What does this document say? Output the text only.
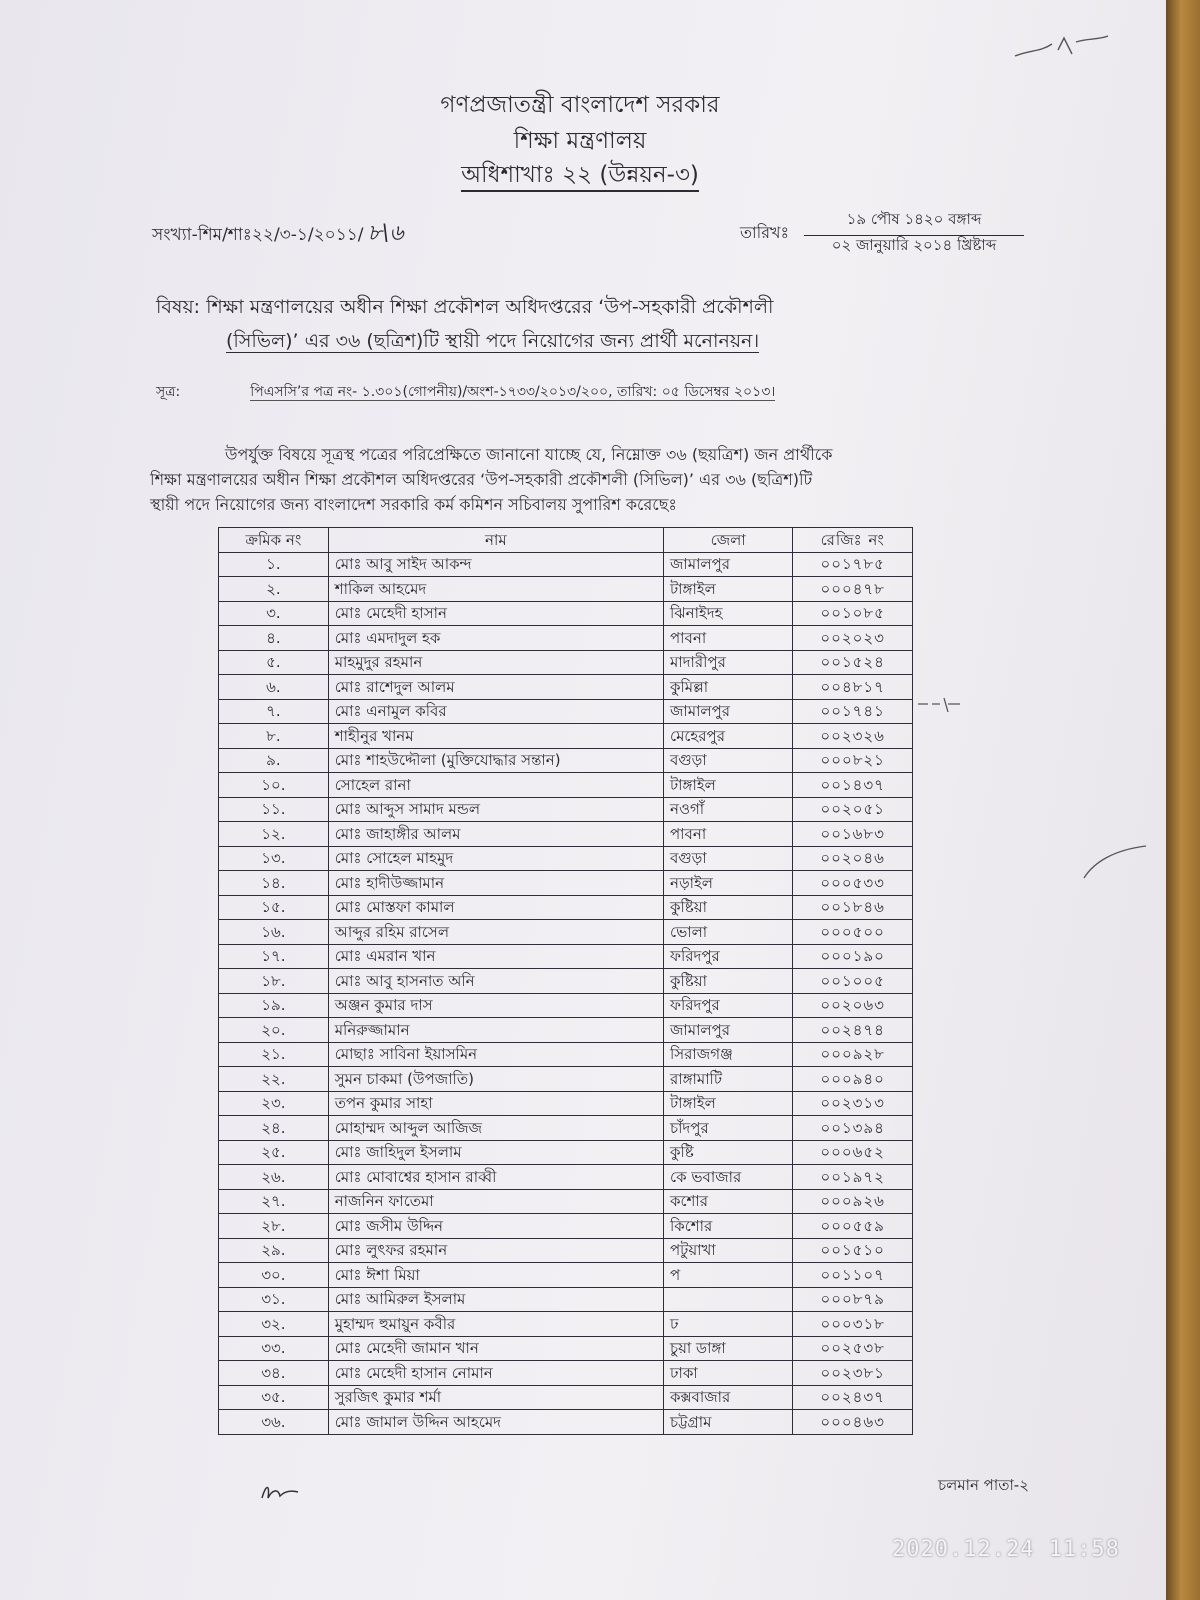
গণপ্রজাতন্ত্রী বাংলাদেশ সরকার
শিক্ষা মন্ত্রণালয়
অধিশাখাঃ ২২ (উন্নয়ন-৩)
সংখ্যা-শিম/শাঃ২২/৩-১/২০১১/ ৮\৬	তারিখঃ
১৯ পৌষ ১৪২০ বঙ্গাব্দ
০২ জানুয়ারি ২০১৪ খ্রিষ্টাব্দ
বিষয়: শিক্ষা মন্ত্রণালয়ের অধীন শিক্ষা প্রকৌশল অধিদপ্তরের ‘উপ-সহকারী প্রকৌশলী
(সিভিল)’ এর ৩৬ (ছত্রিশ)টি স্থায়ী পদে নিয়োগের জন্য প্রার্থী মনোনয়ন।
সূত্র:	পিএসসি’র পত্র নং- ১.৩০১(গোপনীয়)/অংশ-১৭৩৩/২০১৩/২০০, তারিখ: ০৫ ডিসেম্বর ২০১৩।
উপর্যুক্ত বিষয়ে সূত্রস্থ পত্রের পরিপ্রেক্ষিতে জানানো যাচ্ছে যে, নিম্নোক্ত ৩৬ (ছয়ত্রিশ) জন প্রার্থীকে
শিক্ষা মন্ত্রণালয়ের অধীন শিক্ষা প্রকৌশল অধিদপ্তরের ‘উপ-সহকারী প্রকৌশলী (সিভিল)’ এর ৩৬ (ছত্রিশ)টি
স্থায়ী পদে নিয়োগের জন্য বাংলাদেশ সরকারি কর্ম কমিশন সচিবালয় সুপারিশ করেছেঃ
ক্রমিক নং	নাম	জেলা	রেজিঃ নং
১.	মোঃ আবু সাইদ আকন্দ	জামালপুর	০০১৭৮৫
২.	শাকিল আহমেদ	টাঙ্গাইল	০০০৪৭৮
৩.	মোঃ মেহেদী হাসান	ঝিনাইদহ	০০১০৮৫
৪.	মোঃ এমদাদুল হক	পাবনা	০০২০২৩
৫.	মাহমুদুর রহমান	মাদারীপুর	০০১৫২৪
৬.	মোঃ রাশেদুল আলম	কুমিল্লা	০০৪৮১৭
৭.	মোঃ এনামুল কবির	জামালপুর	০০১৭৪১
৮.	শাহীনুর খানম	মেহেরপুর	০০২৩২৬
৯.	মোঃ শাহউদ্দৌলা (মুক্তিযোদ্ধার সন্তান)	বগুড়া	০০০৮২১
১০.	সোহেল রানা	টাঙ্গাইল	০০১৪৩৭
১১.	মোঃ আব্দুস সামাদ মন্ডল	নওগাঁ	০০২০৫১
১২.	মোঃ জাহাঙ্গীর আলম	পাবনা	০০১৬৮৩
১৩.	মোঃ সোহেল মাহমুদ	বগুড়া	০০২০৪৬
১৪.	মোঃ হাদীউজ্জামান	নড়াইল	০০০৫৩৩
১৫.	মোঃ মোস্তফা কামাল	কুষ্টিয়া	০০১৮৪৬
১৬.	আব্দুর রহিম রাসেল	ভোলা	০০০৫০০
১৭.	মোঃ এমরান খান	ফরিদপুর	০০০১৯০
১৮.	মোঃ আবু হাসনাত অনি	কুষ্টিয়া	০০১০০৫
১৯.	অঞ্জন কুমার দাস	ফরিদপুর	০০২০৬৩
২০.	মনিরুজ্জামান	জামালপুর	০০২৪৭৪
২১.	মোছাঃ সাবিনা ইয়াসমিন	সিরাজগঞ্জ	০০০৯২৮
২২.	সুমন চাকমা (উপজাতি)	রাঙ্গামাটি	০০০৯৪০
২৩.	তপন কুমার সাহা	টাঙ্গাইল	০০২৩১৩
২৪.	মোহাম্মদ আব্দুল আজিজ	চাঁদপুর	০০১৩৯৪
২৫.	মোঃ জাহিদুল ইসলাম	কুষ্টি	০০০৬৫২
২৬.	মোঃ মোবাশ্বের হাসান রাব্বী	কে ভবাজার	০০১৯৭২
২৭.	নাজনিন ফাতেমা	কশোর	০০০৯২৬
২৮.	মোঃ জসীম উদ্দিন	কিশোর	০০০৫৫৯
২৯.	মোঃ লুৎফর রহমান	পটুয়াখা	০০১৫১০
৩০.	মোঃ ঈশা মিয়া	প	০০১১০৭
৩১.	মোঃ আমিরুল ইসলাম		০০০৮৭৯
৩২.	মুহাম্মদ হুমায়ুন কবীর	ঢ	০০০৩১৮
৩৩.	মোঃ মেহেদী জামান খান	চুয়া ডাঙ্গা	০০২৫৩৮
৩৪.	মোঃ মেহেদী হাসান নোমান	ঢাকা	০০২৩৮১
৩৫.	সুরজিৎ কুমার শর্মা	কক্সবাজার	০০২৪৩৭
৩৬.	মোঃ জামাল উদ্দিন আহমেদ	চট্টগ্রাম	০০০৪৬৩
চলমান পাতা-২
2020.12.24 11:58
